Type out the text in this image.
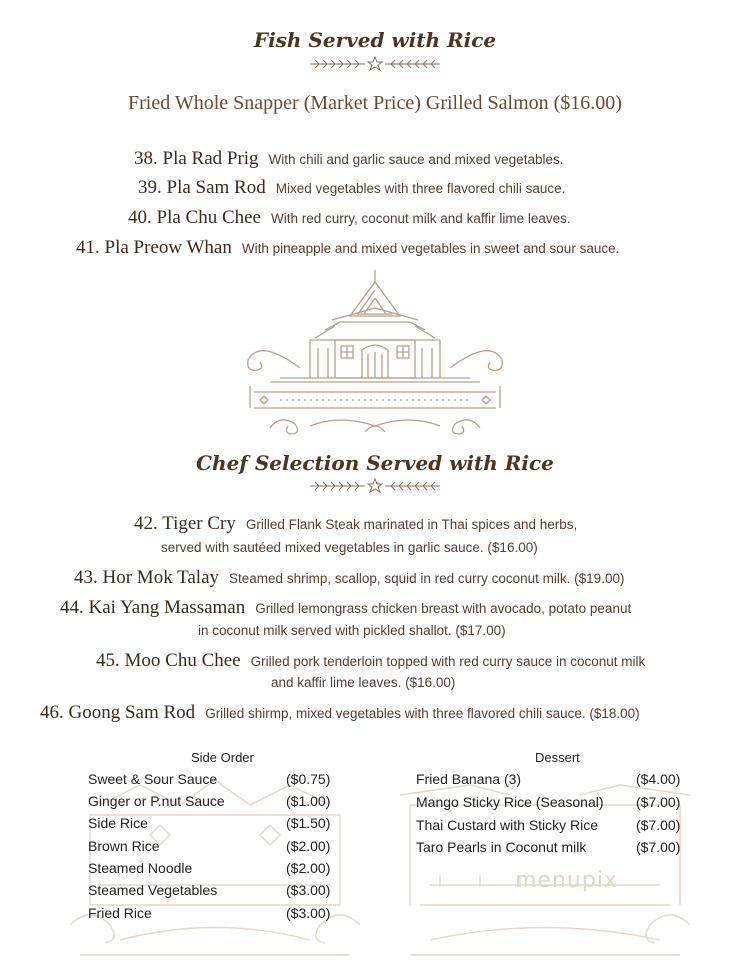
Fish Served with Rice
Fried Whole Snapper (Market Price) Grilled Salmon ($16.00)
38. Pla Rad Prig With chili and garlic sauce and mixed vegetables.
39. Pla Sam Rod Mixed vegetables with three flavored chili sauce.
40. Pla Chu Chee With red curry, coconut milk and kaffir lime leaves.
41. Pla Preow Whan With pineapple and mixed vegetables in sweet and sour sauce.
Chef Selection Served with Rice
42. Tiger Cry Grilled Flank Steak marinated in Thai spices and herbs,
served with sautéed mixed vegetables in garlic sauce. ($16.00)
43. Hor Mok Talay Steamed shrimp, scallop, squid in red curry coconut milk. ($19.00)
44. Kai Yang Massaman Grilled lemongrass chicken breast with avocado, potato peanut
in coconut milk served with pickled shallot. ($17.00)
45. Moo Chu Chee Grilled pork tenderloin topped with red curry sauce in coconut milk
and kaffir lime leaves. ($16.00)
46. Goong Sam Rod Grilled shirmp, mixed vegetables with three flavored chili sauce. ($18.00)
menupix
Side Order
Sweet & Sour Sauce	($0.75)
Ginger or P.nut Sauce	($1.00)
Side Rice	($1.50)
Brown Rice	($2.00)
Steamed Noodle	($2.00)
Steamed Vegetables	($3.00)
Fried Rice	($3.00)
Dessert
Fried Banana (3)	($4.00)
Mango Sticky Rice (Seasonal) ($7.00)
Thai Custard with Sticky Rice	($7.00)
Taro Pearls in Coconut milk	($7.00)
